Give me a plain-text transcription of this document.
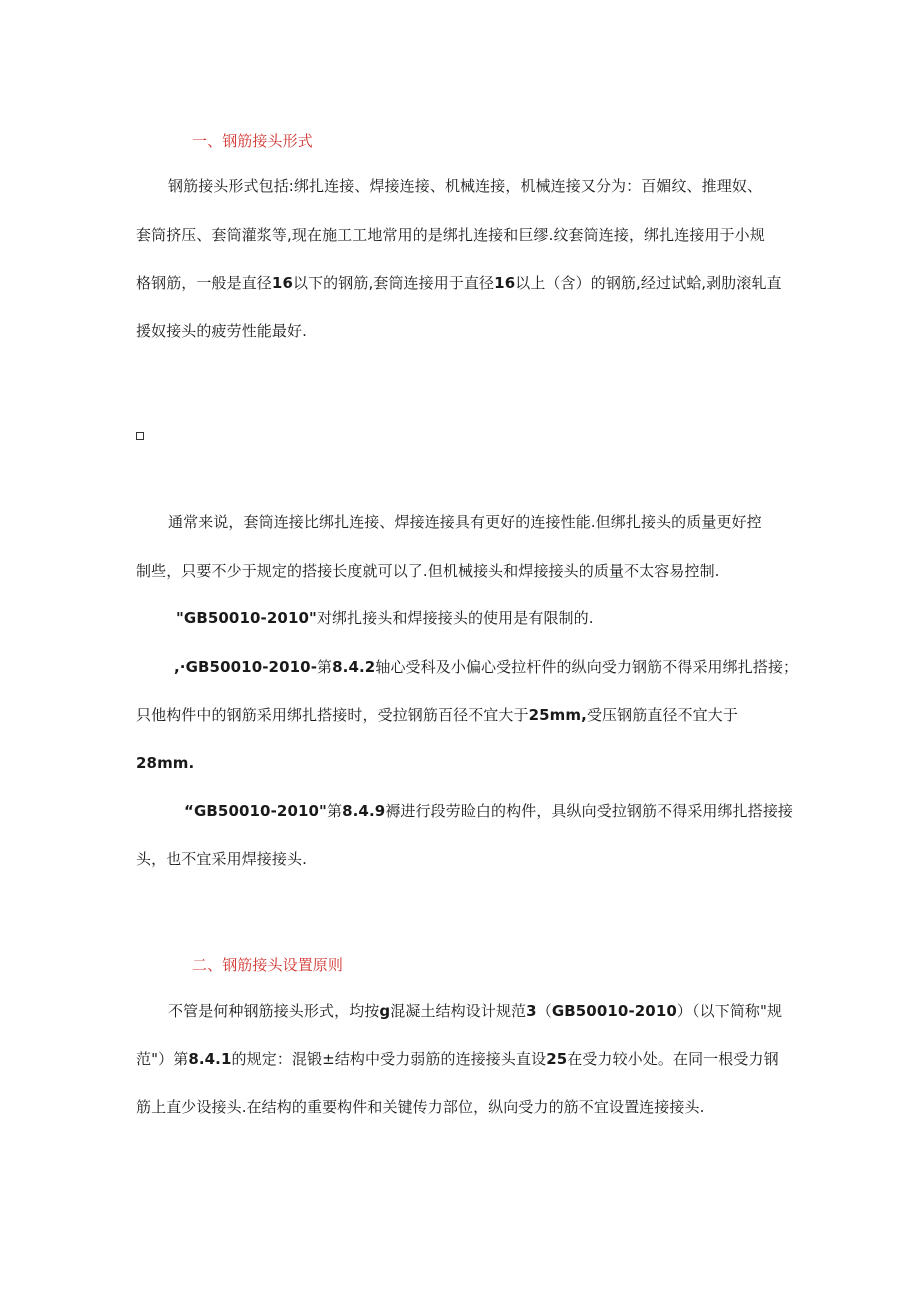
一、钢筋接头形式
钢筋接头形式包括:绑扎连接、焊接连接、机械连接，机械连接又分为：百媚纹、推理奴、
套筒挤压、套筒灌浆等,现在施工工地常用的是绑扎连接和巨缪.纹套筒连接，绑扎连接用于小规
格钢筋，一般是直径16以下的钢筋,套筒连接用于直径16以上（含）的钢筋,经过试蛤,剥肋滚轧直
援奴接头的疲劳性能最好.
通常来说，套筒连接比绑扎连接、焊接连接具有更好的连接性能.但绑扎接头的质量更好控
制些，只要不少于规定的搭接长度就可以了.但机械接头和焊接接头的质量不太容易控制.
"GB50010-2010"对绑扎接头和焊接接头的使用是有限制的.
,·GB50010-2010-第8.4.2轴心受科及小偏心受拉杆件的纵向受力钢筋不得采用绑扎搭接；
只他构件中的钢筋采用绑扎搭接时，受拉钢筋百径不宜大于25mm,受压钢筋直径不宜大于
28mm.
“GB50010-2010"第8.4.9褥进行段劳睑白的构件，具纵向受拉钢筋不得采用绑扎搭接接
头，也不宜采用焊接接头.
二、钢筋接头设置原则
不管是何种钢筋接头形式，均按g混凝土结构设计规范3（GB50010-2010）（以下简称"规
范"）第8.4.1的规定：混锻±结构中受力弱筋的连接接头直设25在受力较小处。在同一根受力钢
筋上直少设接头.在结构的重要构件和关键传力部位，纵向受力的筋不宜设置连接接头.
